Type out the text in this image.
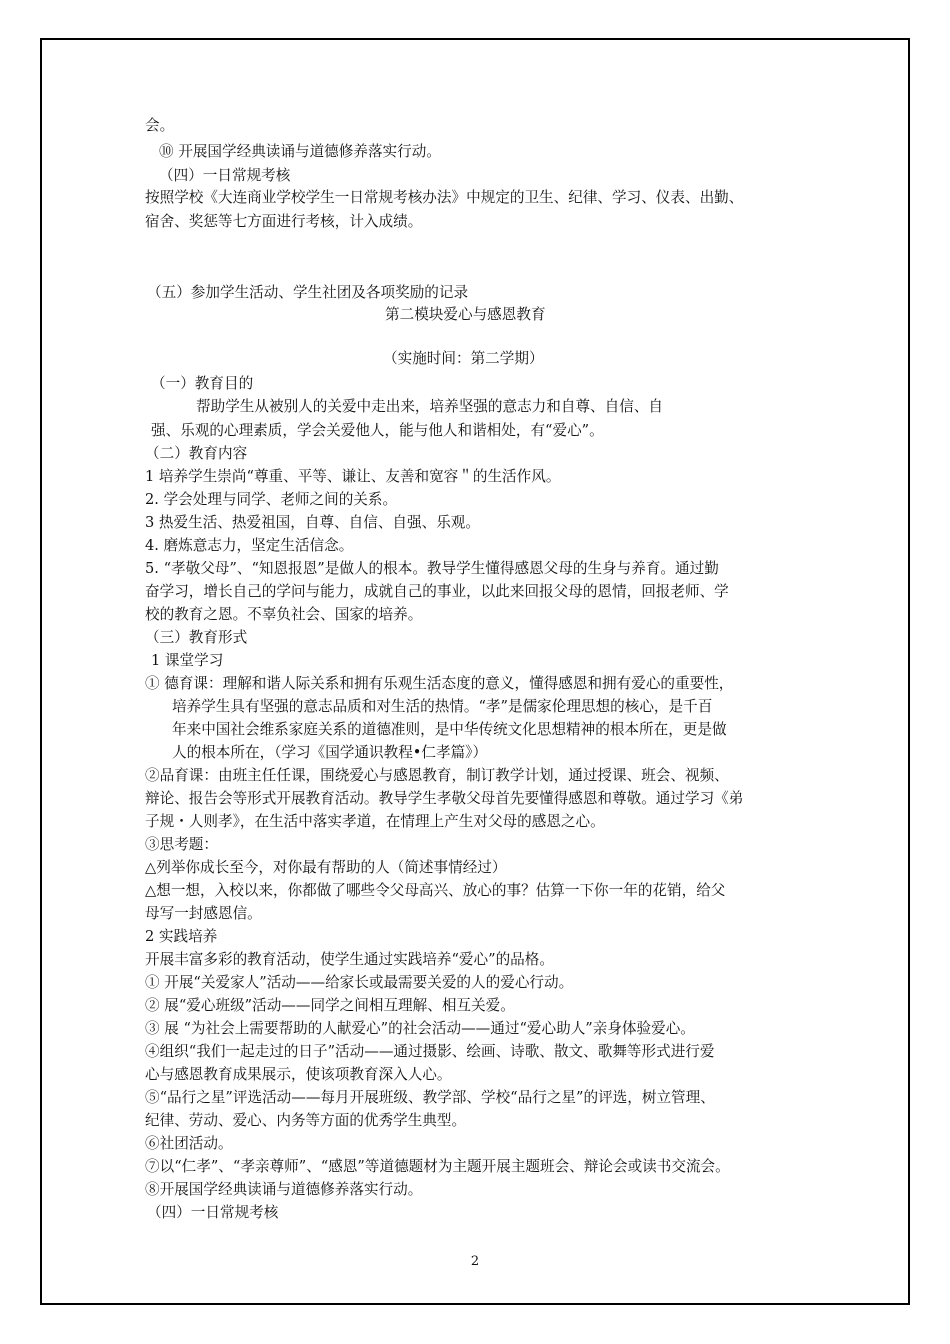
会。
⑩ 开展国学经典读诵与道德修养落实行动。
（四）一日常规考核
按照学校《大连商业学校学生一日常规考核办法》中规定的卫生、纪律、学习、仪表、出勤、
宿舍、奖惩等七方面进行考核，计入成绩。
（五）参加学生活动、学生社团及各项奖励的记录
第二模块爱心与感恩教育
（实施时间：第二学期）
（一）教育目的
帮助学生从被别人的关爱中走出来，培养坚强的意志力和自尊、自信、自
强、乐观的心理素质，学会关爱他人，能与他人和谐相处，有“爱心”。
（二）教育内容
1 培养学生崇尚“尊重、平等、谦让、友善和宽容＂的生活作风。
2. 学会处理与同学、老师之间的关系。
3 热爱生活、热爱祖国，自尊、自信、自强、乐观。
4. 磨炼意志力，坚定生活信念。
5. “孝敬父母”、“知恩报恩”是做人的根本。教导学生懂得感恩父母的生身与养育。通过勤
奋学习，增长自己的学问与能力，成就自己的事业，以此来回报父母的恩情，回报老师、学
校的教育之恩。不辜负社会、国家的培养。
（三）教育形式
1 课堂学习
① 德育课：理解和谐人际关系和拥有乐观生活态度的意义，懂得感恩和拥有爱心的重要性，
培养学生具有坚强的意志品质和对生活的热情。“孝”是儒家伦理思想的核心，是千百
年来中国社会维系家庭关系的道德准则，是中华传统文化思想精神的根本所在，更是做
人的根本所在，（学习《国学通识教程•仁孝篇》）
②品育课：由班主任任课，围绕爱心与感恩教育，制订教学计划，通过授课、班会、视频、
辩论、报告会等形式开展教育活动。教导学生孝敬父母首先要懂得感恩和尊敬。通过学习《弟
子规・人则孝》，在生活中落实孝道，在情理上产生对父母的感恩之心。
③思考题：
△列举你成长至今，对你最有帮助的人（简述事情经过）
△想一想，入校以来，你都做了哪些令父母高兴、放心的事？估算一下你一年的花销，给父
母写一封感恩信。
2 实践培养
开展丰富多彩的教育活动，使学生通过实践培养“爱心”的品格。
① 开展“关爱家人”活动——给家长或最需要关爱的人的爱心行动。
② 展“爱心班级”活动——同学之间相互理解、相互关爱。
③ 展 “为社会上需要帮助的人献爱心”的社会活动——通过“爱心助人”亲身体验爱心。
④组织“我们一起走过的日子”活动——通过摄影、绘画、诗歌、散文、歌舞等形式进行爱
心与感恩教育成果展示，使该项教育深入人心。
⑤“品行之星”评选活动——每月开展班级、教学部、学校“品行之星”的评选，树立管理、
纪律、劳动、爱心、内务等方面的优秀学生典型。
⑥社团活动。
⑦以“仁孝”、“孝亲尊师”、“感恩”等道德题材为主题开展主题班会、辩论会或读书交流会。
⑧开展国学经典读诵与道德修养落实行动。
（四）一日常规考核
2
